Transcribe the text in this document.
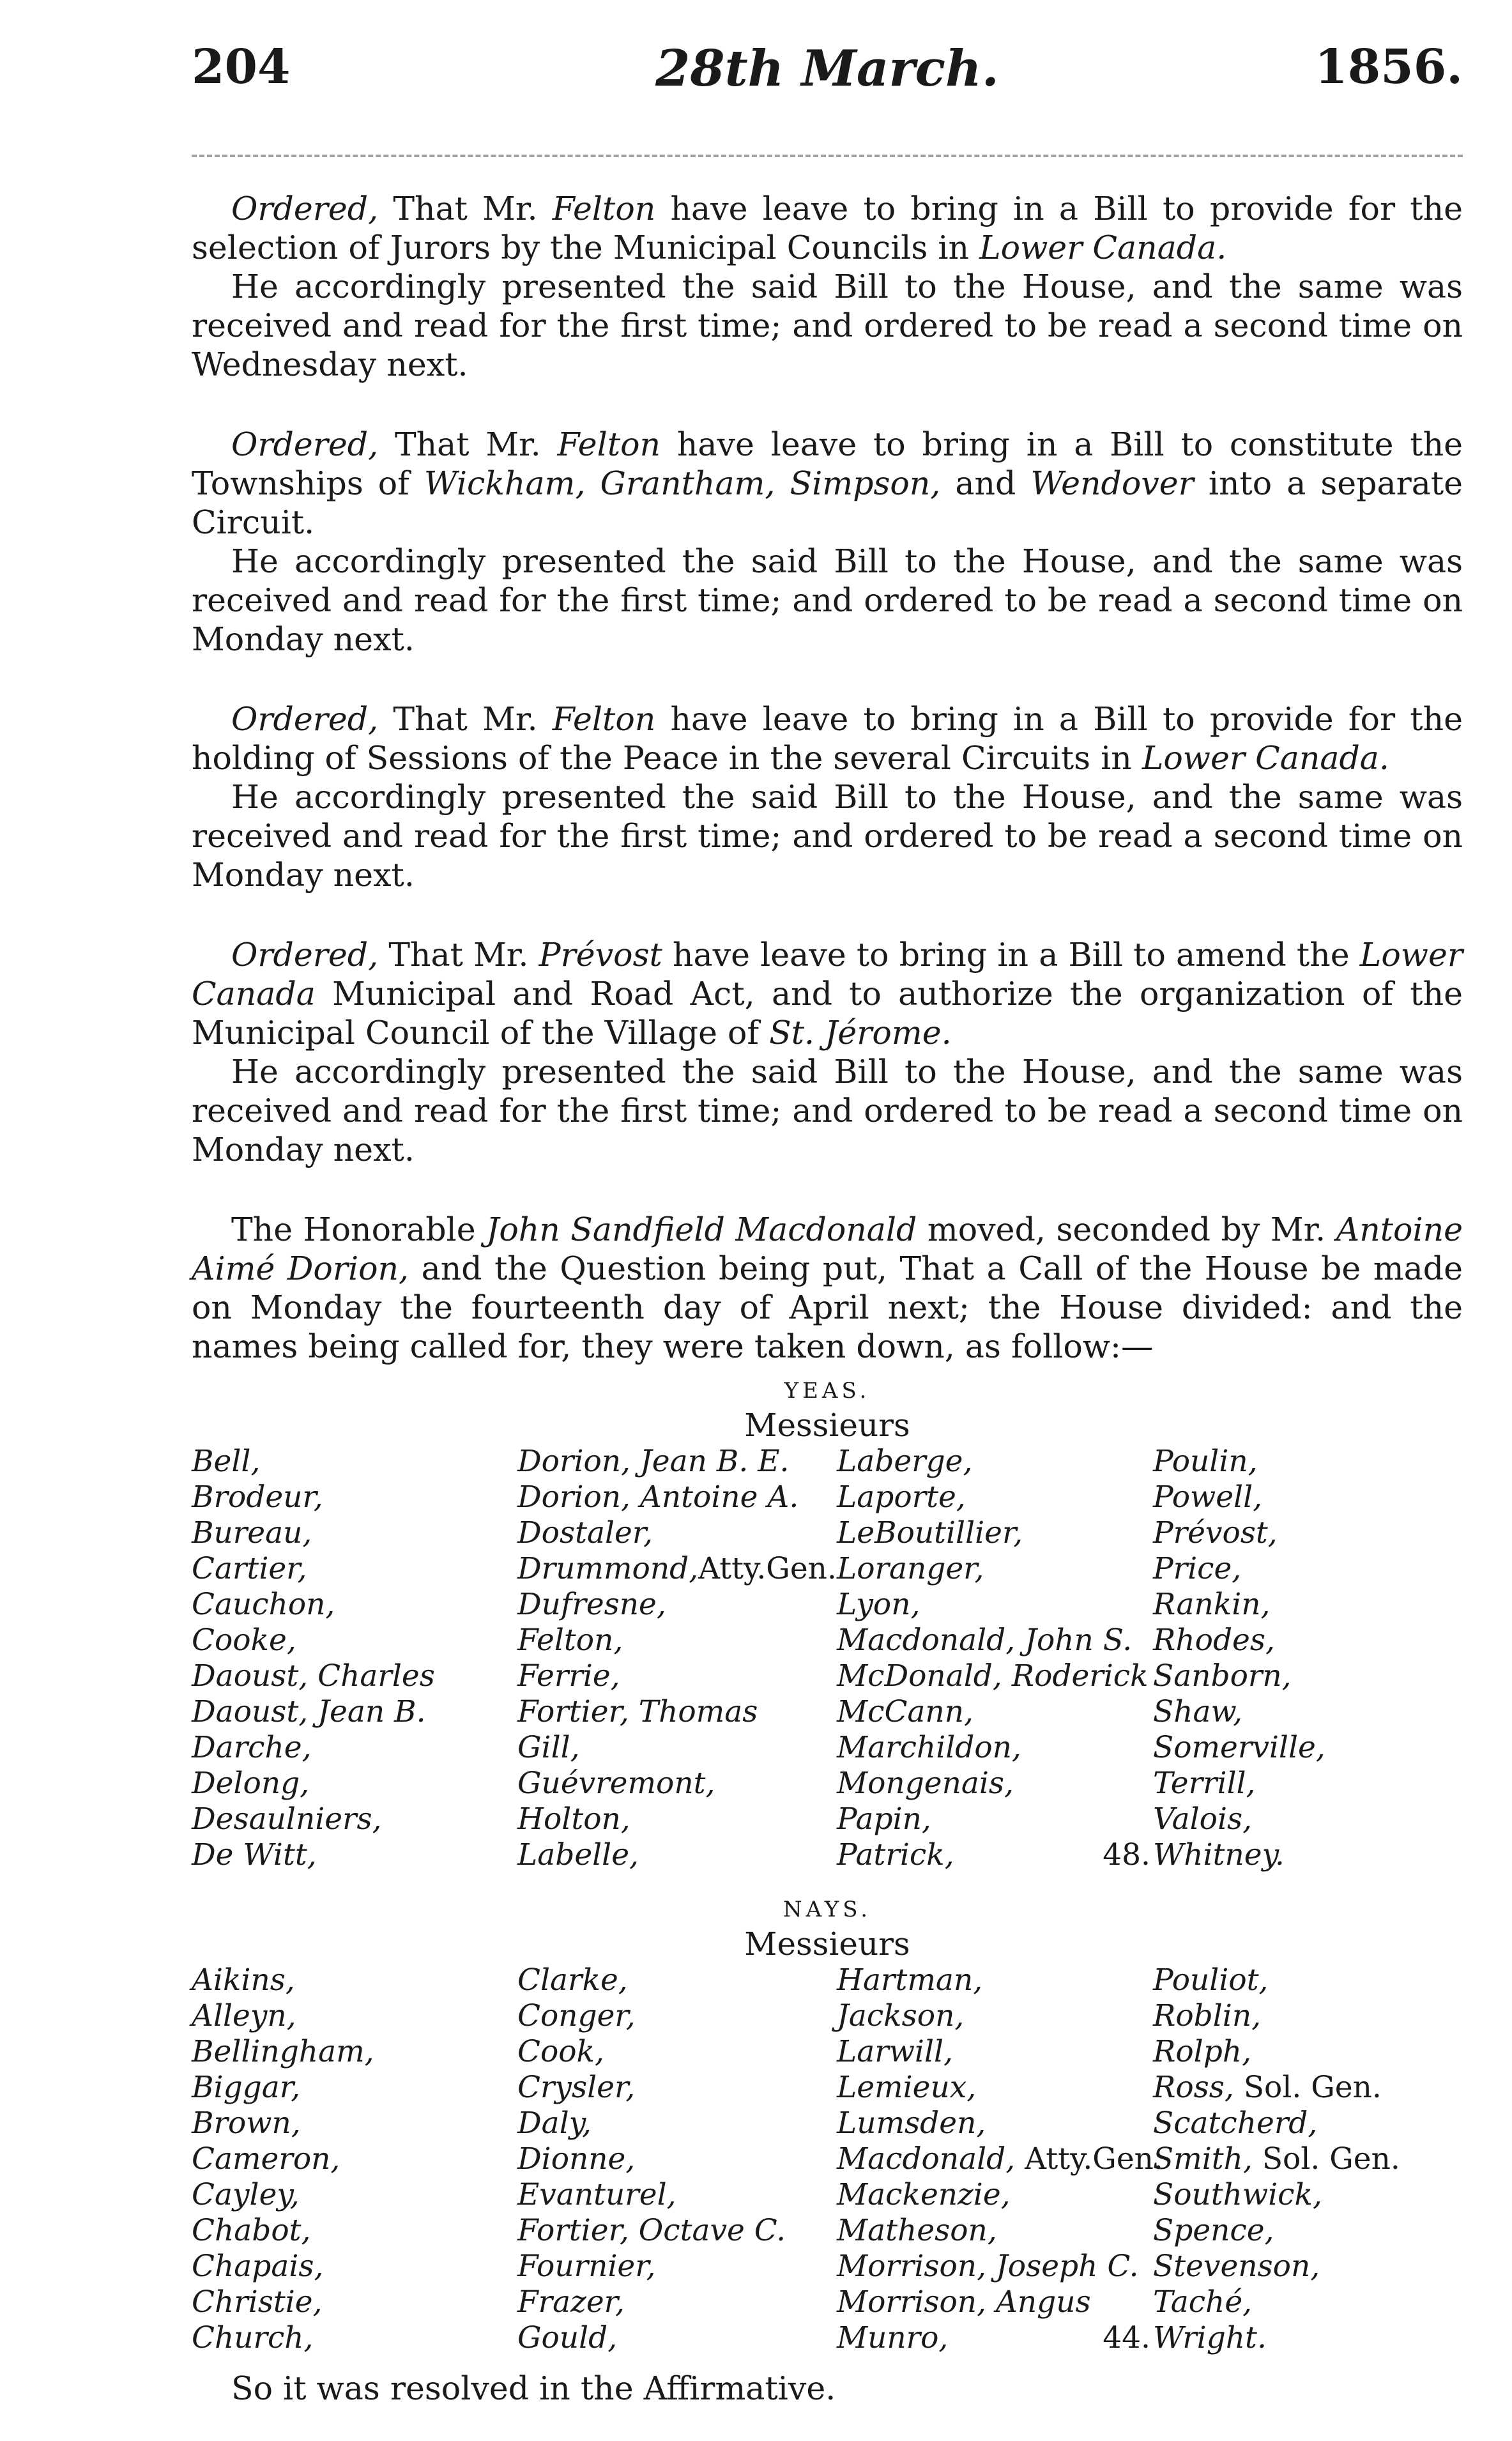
204	28th March.	1856.

Ordered, That Mr. Felton have leave to bring in a Bill to provide for the selection of Jurors by the Municipal Councils in Lower Canada.

He accordingly presented the said Bill to the House, and the same was received and read for the first time; and ordered to be read a second time on Wednesday next.

Ordered, That Mr. Felton have leave to bring in a Bill to constitute the Townships of Wickham, Grantham, Simpson, and Wendover into a separate Circuit.

He accordingly presented the said Bill to the House, and the same was received and read for the first time; and ordered to be read a second time on Monday next.

Ordered, That Mr. Felton have leave to bring in a Bill to provide for the holding of Sessions of the Peace in the several Circuits in Lower Canada.

He accordingly presented the said Bill to the House, and the same was received and read for the first time; and ordered to be read a second time on Monday next.

Ordered, That Mr. Prévost have leave to bring in a Bill to amend the Lower Canada Municipal and Road Act, and to authorize the organization of the Municipal Council of the Village of St. Jérome.

He accordingly presented the said Bill to the House, and the same was received and read for the first time; and ordered to be read a second time on Monday next.

The Honorable John Sandfield Macdonald moved, seconded by Mr. Antoine Aimé Dorion, and the Question being put, That a Call of the House be made on Monday the fourteenth day of April next; the House divided: and the names being called for, they were taken down, as follow:—

YEAS.
Messieurs
Bell,
Brodeur,
Bureau,
Cartier,
Cauchon,
Cooke,
Daoust, Charles
Daoust, Jean B.
Darche,
Delong,
Desaulniers,
De Witt,
Dorion, Jean B. E.
Dorion, Antoine A.
Dostaler,
Drummond,Atty.Gen.
Dufresne,
Felton,
Ferrie,
Fortier, Thomas
Gill,
Guévremont,
Holton,
Labelle,
Laberge,
Laporte,
LeBoutillier,
Loranger,
Lyon,
Macdonald, John S.
McDonald, Roderick
McCann,
Marchildon,
Mongenais,
Papin,
Patrick,
Poulin,
Powell,
Prévost,
Price,
Rankin,
Rhodes,
Sanborn,
Shaw,
Somerville,
Terrill,
Valois,
48. Whitney.
NAYS.
Messieurs
Aikins,
Alleyn,
Bellingham,
Biggar,
Brown,
Cameron,
Cayley,
Chabot,
Chapais,
Christie,
Church,
Clarke,
Conger,
Cook,
Crysler,
Daly,
Dionne,
Evanturel,
Fortier, Octave C.
Fournier,
Frazer,
Gould,
Hartman,
Jackson,
Larwill,
Lemieux,
Lumsden,
Macdonald, Atty.Gen.
Mackenzie,
Matheson,
Morrison, Joseph C.
Morrison, Angus
Munro,
Pouliot,
Roblin,
Rolph,
Ross, Sol. Gen.
Scatcherd,
Smith, Sol. Gen.
Southwick,
Spence,
Stevenson,
Taché,
44. Wright.

So it was resolved in the Affirmative.
